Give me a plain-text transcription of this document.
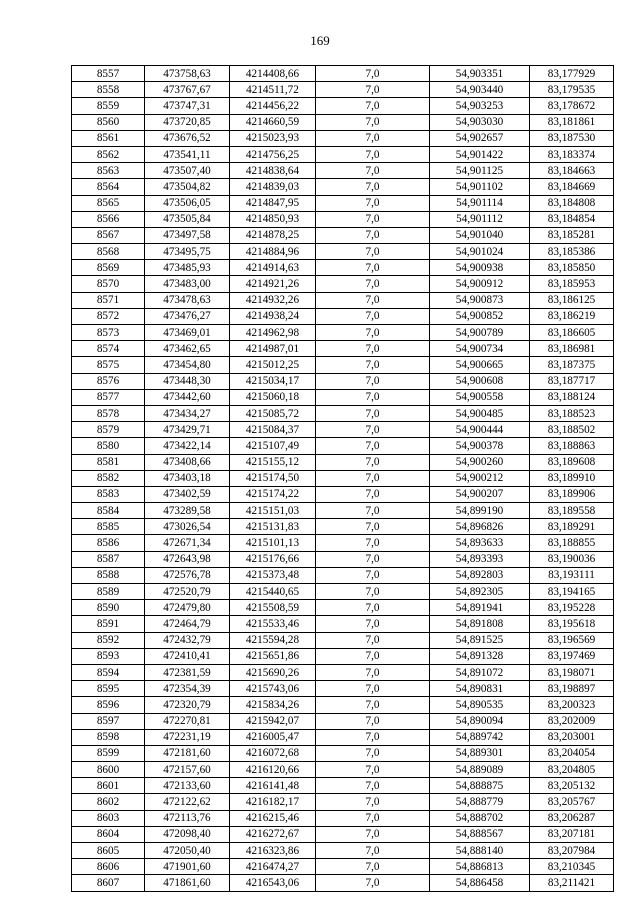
169
8557	473758,63	4214408,66	7,0	54,903351	83,177929
8558	473767,67	4214511,72	7,0	54,903440	83,179535
8559	473747,31	4214456,22	7,0	54,903253	83,178672
8560	473720,85	4214660,59	7,0	54,903030	83,181861
8561	473676,52	4215023,93	7,0	54,902657	83,187530
8562	473541,11	4214756,25	7,0	54,901422	83,183374
8563	473507,40	4214838,64	7,0	54,901125	83,184663
8564	473504,82	4214839,03	7,0	54,901102	83,184669
8565	473506,05	4214847,95	7,0	54,901114	83,184808
8566	473505,84	4214850,93	7,0	54,901112	83,184854
8567	473497,58	4214878,25	7,0	54,901040	83,185281
8568	473495,75	4214884,96	7,0	54,901024	83,185386
8569	473485,93	4214914,63	7,0	54,900938	83,185850
8570	473483,00	4214921,26	7,0	54,900912	83,185953
8571	473478,63	4214932,26	7,0	54,900873	83,186125
8572	473476,27	4214938,24	7,0	54,900852	83,186219
8573	473469,01	4214962,98	7,0	54,900789	83,186605
8574	473462,65	4214987,01	7,0	54,900734	83,186981
8575	473454,80	4215012,25	7,0	54,900665	83,187375
8576	473448,30	4215034,17	7,0	54,900608	83,187717
8577	473442,60	4215060,18	7,0	54,900558	83,188124
8578	473434,27	4215085,72	7,0	54,900485	83,188523
8579	473429,71	4215084,37	7,0	54,900444	83,188502
8580	473422,14	4215107,49	7,0	54,900378	83,188863
8581	473408,66	4215155,12	7,0	54,900260	83,189608
8582	473403,18	4215174,50	7,0	54,900212	83,189910
8583	473402,59	4215174,22	7,0	54,900207	83,189906
8584	473289,58	4215151,03	7,0	54,899190	83,189558
8585	473026,54	4215131,83	7,0	54,896826	83,189291
8586	472671,34	4215101,13	7,0	54,893633	83,188855
8587	472643,98	4215176,66	7,0	54,893393	83,190036
8588	472576,78	4215373,48	7,0	54,892803	83,193111
8589	472520,79	4215440,65	7,0	54,892305	83,194165
8590	472479,80	4215508,59	7,0	54,891941	83,195228
8591	472464,79	4215533,46	7,0	54,891808	83,195618
8592	472432,79	4215594,28	7,0	54,891525	83,196569
8593	472410,41	4215651,86	7,0	54,891328	83,197469
8594	472381,59	4215690,26	7,0	54,891072	83,198071
8595	472354,39	4215743,06	7,0	54,890831	83,198897
8596	472320,79	4215834,26	7,0	54,890535	83,200323
8597	472270,81	4215942,07	7,0	54,890094	83,202009
8598	472231,19	4216005,47	7,0	54,889742	83,203001
8599	472181,60	4216072,68	7,0	54,889301	83,204054
8600	472157,60	4216120,66	7,0	54,889089	83,204805
8601	472133,60	4216141,48	7,0	54,888875	83,205132
8602	472122,62	4216182,17	7,0	54,888779	83,205767
8603	472113,76	4216215,46	7,0	54,888702	83,206287
8604	472098,40	4216272,67	7,0	54,888567	83,207181
8605	472050,40	4216323,86	7,0	54,888140	83,207984
8606	471901,60	4216474,27	7,0	54,886813	83,210345
8607	471861,60	4216543,06	7,0	54,886458	83,211421
